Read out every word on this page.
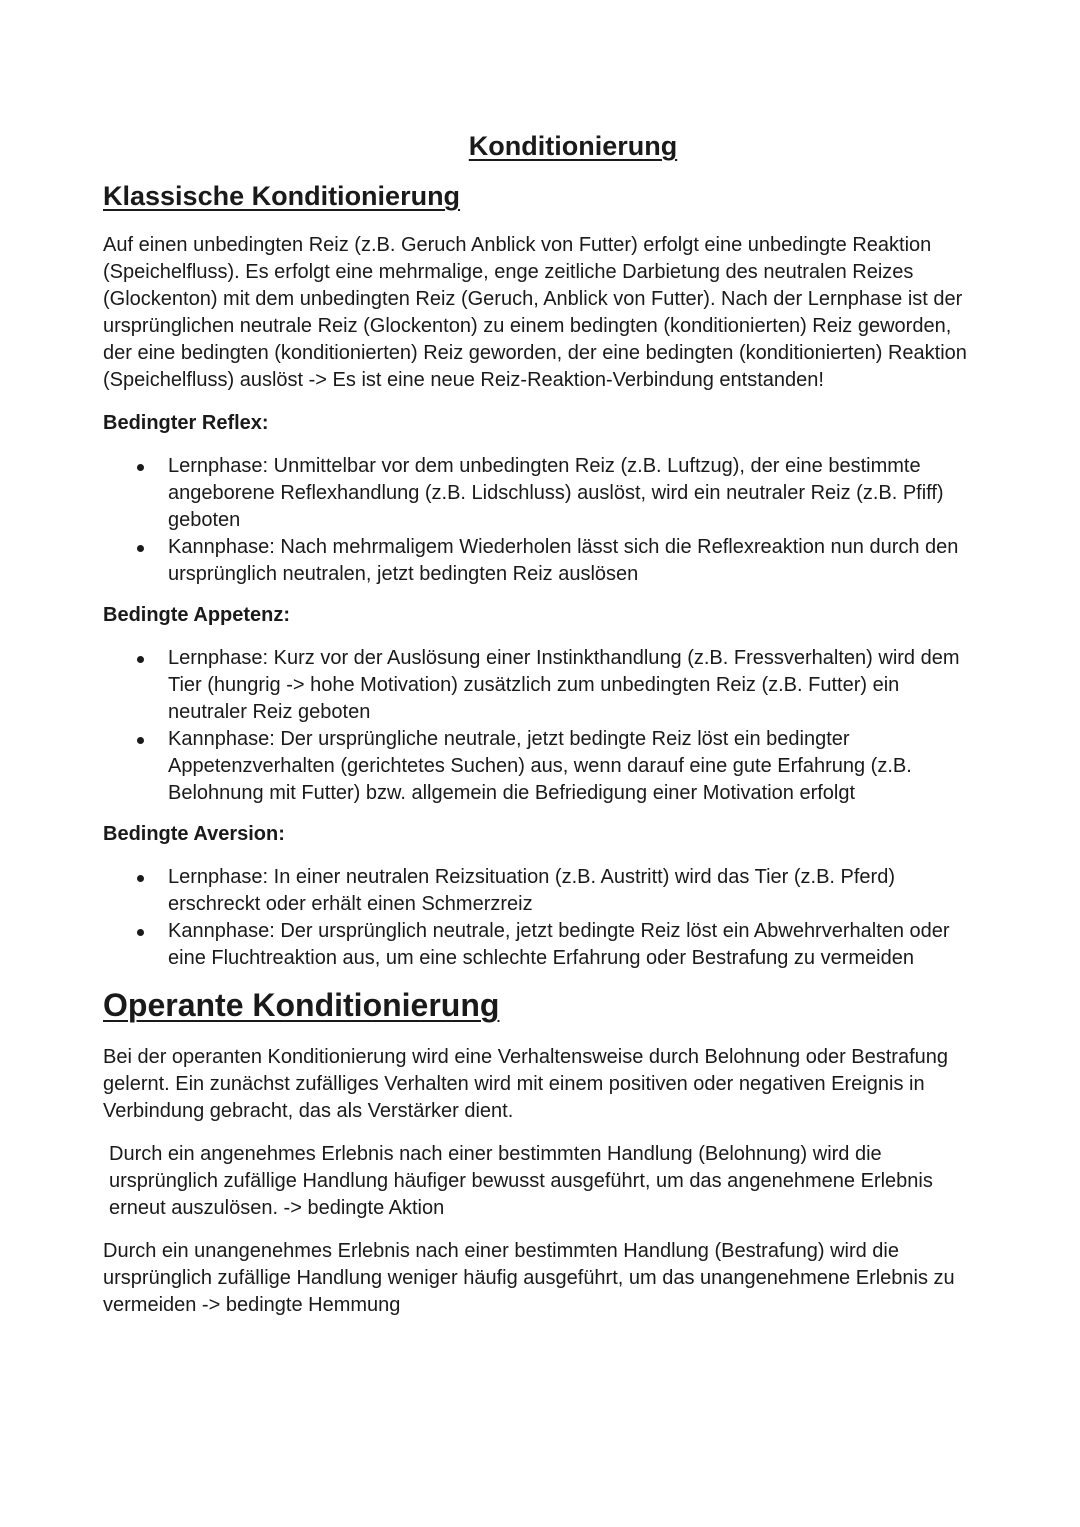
Konditionierung
Klassische Konditionierung

Auf einen unbedingten Reiz (z.B. Geruch Anblick von Futter) erfolgt eine unbedingte Reaktion (Speichelfluss). Es erfolgt eine mehrmalige, enge zeitliche Darbietung des neutralen Reizes (Glockenton) mit dem unbedingten Reiz (Geruch, Anblick von Futter). Nach der Lernphase ist der ursprünglichen neutrale Reiz (Glockenton) zu einem bedingten (konditionierten) Reiz geworden, der eine bedingten (konditionierten) Reiz geworden, der eine bedingten (konditionierten) Reaktion (Speichelfluss) auslöst -> Es ist eine neue Reiz-Reaktion-Verbindung entstanden!

Bedingter Reflex:

Lernphase: Unmittelbar vor dem unbedingten Reiz (z.B. Luftzug), der eine bestimmte angeborene Reflexhandlung (z.B. Lidschluss) auslöst, wird ein neutraler Reiz (z.B. Pfiff) geboten
Kannphase: Nach mehrmaligem Wiederholen lässt sich die Reflexreaktion nun durch den ursprünglich neutralen, jetzt bedingten Reiz auslösen

Bedingte Appetenz:

Lernphase: Kurz vor der Auslösung einer Instinkthandlung (z.B. Fressverhalten) wird dem Tier (hungrig -> hohe Motivation) zusätzlich zum unbedingten Reiz (z.B. Futter) ein neutraler Reiz geboten
Kannphase: Der ursprüngliche neutrale, jetzt bedingte Reiz löst ein bedingter Appetenzverhalten (gerichtetes Suchen) aus, wenn darauf eine gute Erfahrung (z.B. Belohnung mit Futter) bzw. allgemein die Befriedigung einer Motivation erfolgt

Bedingte Aversion:

Lernphase: In einer neutralen Reizsituation (z.B. Austritt) wird das Tier (z.B. Pferd) erschreckt oder erhält einen Schmerzreiz
Kannphase: Der ursprünglich neutrale, jetzt bedingte Reiz löst ein Abwehrverhalten oder eine Fluchtreaktion aus, um eine schlechte Erfahrung oder Bestrafung zu vermeiden
Operante Konditionierung

Bei der operanten Konditionierung wird eine Verhaltensweise durch Belohnung oder Bestrafung gelernt. Ein zunächst zufälliges Verhalten wird mit einem positiven oder negativen Ereignis in Verbindung gebracht, das als Verstärker dient.

Durch ein angenehmes Erlebnis nach einer bestimmten Handlung (Belohnung) wird die ursprünglich zufällige Handlung häufiger bewusst ausgeführt, um das angenehmene Erlebnis erneut auszulösen. -> bedingte Aktion

Durch ein unangenehmes Erlebnis nach einer bestimmten Handlung (Bestrafung) wird die ursprünglich zufällige Handlung weniger häufig ausgeführt, um das unangenehmene Erlebnis zu vermeiden -> bedingte Hemmung
